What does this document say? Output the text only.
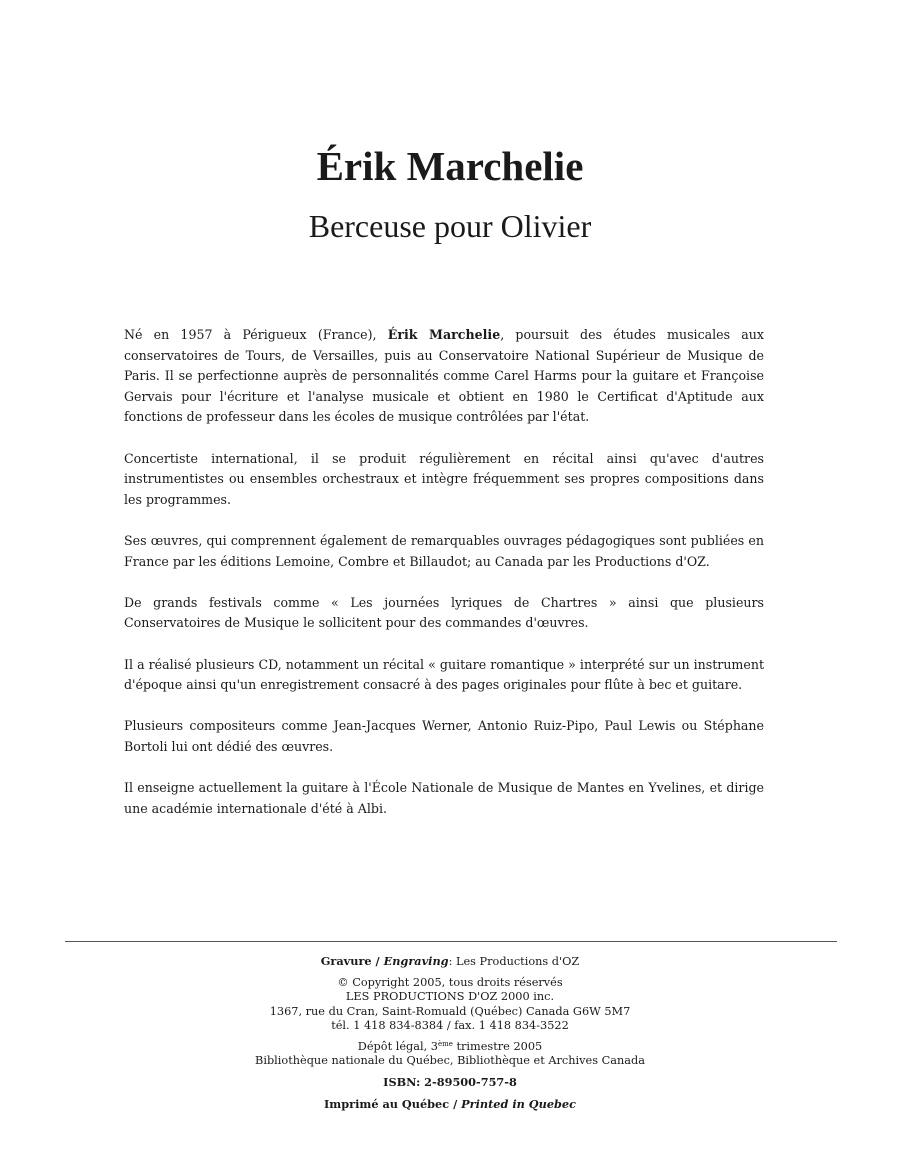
Érik Marchelie
Berceuse pour Olivier

Né en 1957 à Périgueux (France), Érik Marchelie, poursuit des études musicales aux conservatoires de Tours, de Versailles, puis au Conservatoire National Supérieur de Musique de Paris. Il se perfectionne auprès de personnalités comme Carel Harms pour la guitare et Françoise Gervais pour l'écriture et l'analyse musicale et obtient en 1980 le Certificat d'Aptitude aux fonctions de professeur dans les écoles de musique contrôlées par l'état.

Concertiste international, il se produit régulièrement en récital ainsi qu'avec d'autres instrumentistes ou ensembles orchestraux et intègre fréquemment ses propres compositions dans les programmes.

Ses œuvres, qui comprennent également de remarquables ouvrages pédagogiques sont publiées en France par les éditions Lemoine, Combre et Billaudot; au Canada par les Productions d'OZ.

De grands festivals comme « Les journées lyriques de Chartres » ainsi que plusieurs Conservatoires de Musique le sollicitent pour des commandes d'œuvres.

Il a réalisé plusieurs CD, notamment un récital « guitare romantique » interprété sur un instrument d'époque ainsi qu'un enregistrement consacré à des pages originales pour flûte à bec et guitare.

Plusieurs compositeurs comme Jean-Jacques Werner, Antonio Ruiz-Pipo, Paul Lewis ou Stéphane Bortoli lui ont dédié des œuvres.

Il enseigne actuellement la guitare à l'École Nationale de Musique de Mantes en Yvelines, et dirige une académie internationale d'été à Albi.

Gravure / Engraving: Les Productions d'OZ
© Copyright 2005, tous droits réservés
LES PRODUCTIONS D'OZ 2000 inc.
1367, rue du Cran, Saint-Romuald (Québec) Canada G6W 5M7
tél. 1 418 834-8384 / fax. 1 418 834-3522
Dépôt légal, 3ème trimestre 2005
Bibliothèque nationale du Québec, Bibliothèque et Archives Canada
ISBN: 2-89500-757-8
Imprimé au Québec / Printed in Quebec
